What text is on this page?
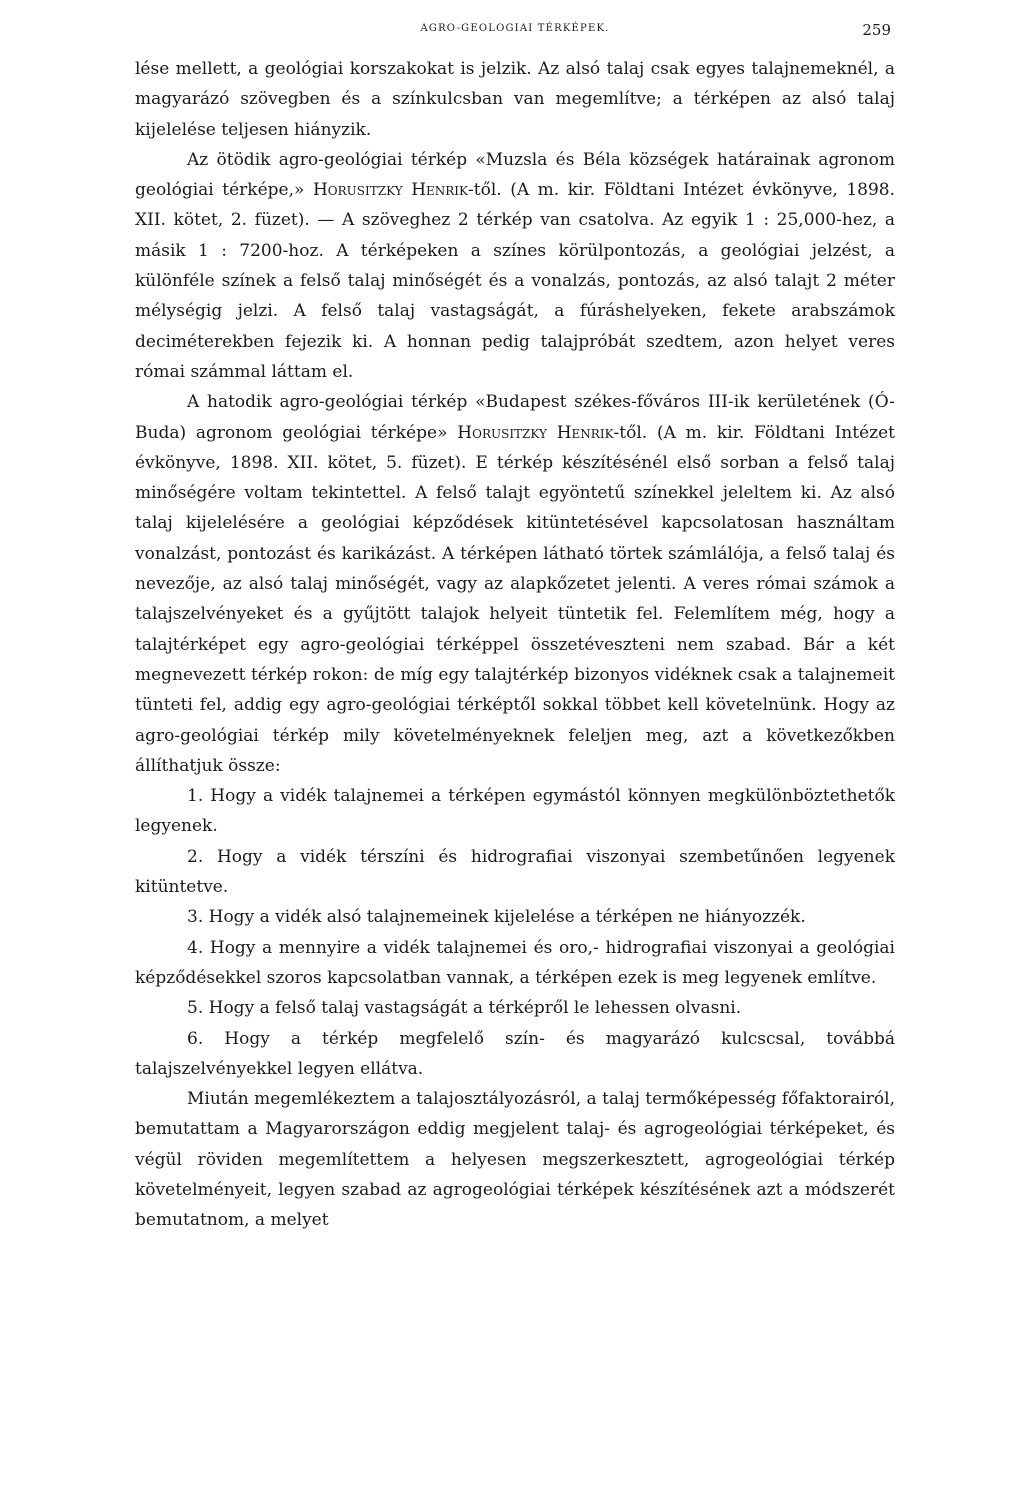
AGRO-GEOLOGIAI TÉRKÉPEK.	259

lése mellett, a geológiai korszakokat is jelzik. Az alsó talaj csak egyes talajnemeknél, a magyarázó szövegben és a színkulcsban van megemlítve; a térképen az alsó talaj kijelelése teljesen hiányzik.

Az ötödik agro-geológiai térkép «Muzsla és Béla községek határainak agronom geológiai térképe,» Horusitzky Henrik-től. (A m. kir. Földtani Intézet évkönyve, 1898. XII. kötet, 2. füzet). — A szöveghez 2 térkép van csatolva. Az egyik 1 : 25,000-hez, a másik 1 : 7200-hoz. A térképeken a színes körülpontozás, a geológiai jelzést, a különféle színek a felső talaj minőségét és a vonalzás, pontozás, az alsó talajt 2 méter mélységig jelzi. A felső talaj vastagságát, a fúráshelyeken, fekete arabszámok deciméterekben fejezik ki. A honnan pedig talajpróbát szedtem, azon helyet veres római számmal láttam el.

A hatodik agro-geológiai térkép «Budapest székes-főváros III-ik kerületének (Ó-Buda) agronom geológiai térképe» Horusitzky Henrik-től. (A m. kir. Földtani Intézet évkönyve, 1898. XII. kötet, 5. füzet). E térkép készítésénél első sorban a felső talaj minőségére voltam tekintettel. A felső talajt egyöntetű színekkel jeleltem ki. Az alsó talaj kijelelésére a geológiai képződések kitüntetésével kapcsolatosan használtam vonalzást, pontozást és karikázást. A térképen látható törtek számlálója, a felső talaj és nevezője, az alsó talaj minőségét, vagy az alapkőzetet jelenti. A veres római számok a talajszelvényeket és a gyűjtött talajok helyeit tüntetik fel. Felemlítem még, hogy a talajtérképet egy agro-geológiai térképpel összetéveszteni nem szabad. Bár a két megnevezett térkép rokon: de míg egy talajtérkép bizonyos vidéknek csak a talajnemeit tünteti fel, addig egy agro-geológiai térképtől sokkal többet kell követelnünk. Hogy az agro-geológiai térkép mily követelményeknek feleljen meg, azt a következőkben állíthatjuk össze:

1. Hogy a vidék talajnemei a térképen egymástól könnyen megkülönböztethetők legyenek.

2. Hogy a vidék térszíni és hidrografiai viszonyai szembetűnően legyenek kitüntetve.

3. Hogy a vidék alsó talajnemeinek kijelelése a térképen ne hiányozzék.

4. Hogy a mennyire a vidék talajnemei és oro,- hidrografiai viszonyai a geológiai képződésekkel szoros kapcsolatban vannak, a térképen ezek is meg legyenek említve.

5. Hogy a felső talaj vastagságát a térképről le lehessen olvasni.

6. Hogy a térkép megfelelő szín- és magyarázó kulcscsal, továbbá talajszelvényekkel legyen ellátva.

Miután megemlékeztem a talajosztályozásról, a talaj termőképesség főfaktorairól, bemutattam a Magyarországon eddig megjelent talaj- és agrogeológiai térképeket, és végül röviden megemlítettem a helyesen megszerkesztett, agrogeológiai térkép követelményeit, legyen szabad az agrogeológiai térképek készítésének azt a módszerét bemutatnom, a melyet
